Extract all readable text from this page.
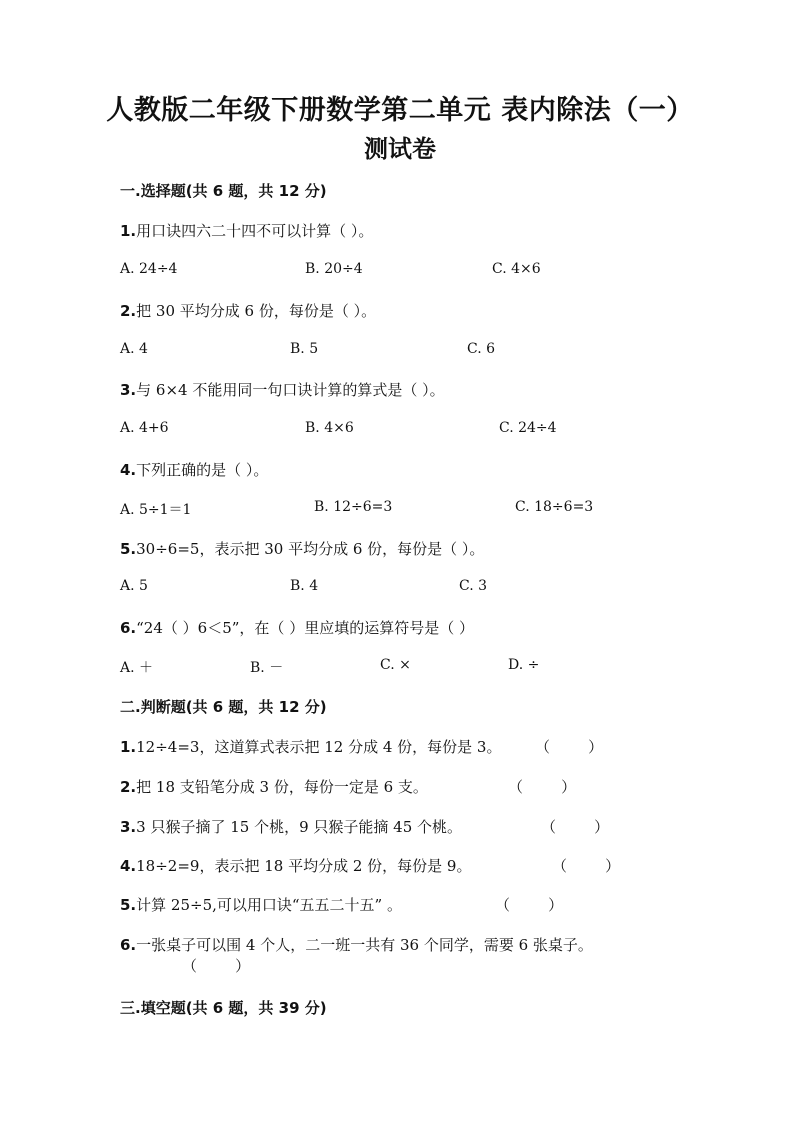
人教版二年级下册数学第二单元 表内除法（一）
测试卷
一.选择题(共 6 题，共 12 分)
1.用口诀四六二十四不可以计算（ ）。
A. 24÷4	B. 20÷4	C. 4×6
2.把 30 平均分成 6 份，每份是（ ）。
A. 4	B. 5	C. 6
3.与 6×4 不能用同一句口诀计算的算式是（ ）。
A. 4+6	B. 4×6	C. 24÷4
4.下列正确的是（ ）。
A. 5÷1＝1	B. 12÷6=3	C. 18÷6=3
5.30÷6=5，表示把 30 平均分成 6 份，每份是（ ）。
A. 5	B. 4	C. 3
6.“24（ ）6＜5”，在（ ）里应填的运算符号是（ ）
A. ＋	B. －	C. ×	D. ÷
二.判断题(共 6 题，共 12 分)
1.12÷4=3，这道算式表示把 12 分成 4 份，每份是 3。 （        ）
2.把 18 支铅笔分成 3 份，每份一定是 6 支。	（        ）
3.3 只猴子摘了 15 个桃，9 只猴子能摘 45 个桃。	（        ）
4.18÷2=9，表示把 18 平均分成 2 份，每份是 9。	（        ）
5.计算 25÷5,可以用口诀“五五二十五” 。	（        ）
6.一张桌子可以围 4 个人，二一班一共有 36 个同学，需要 6 张桌子。
（        ）
三.填空题(共 6 题，共 39 分)
